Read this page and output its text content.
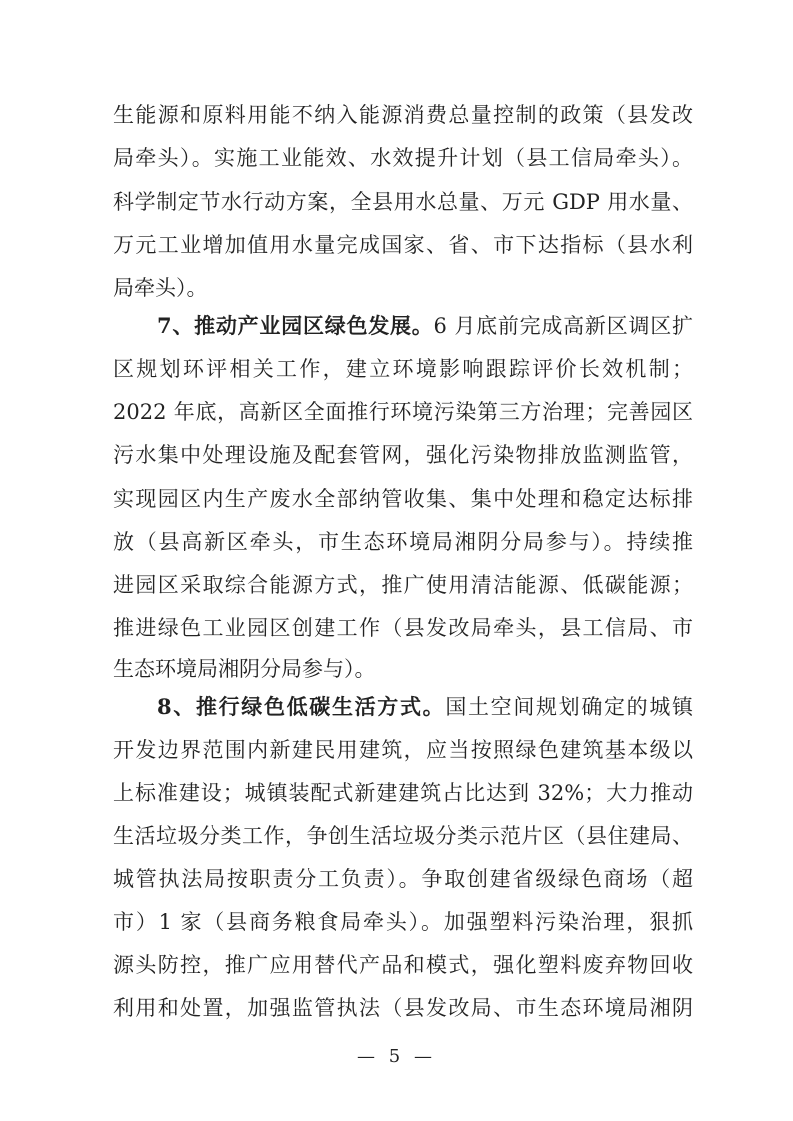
生能源和原料用能不纳入能源消费总量控制的政策（县发改
局牵头）。实施工业能效、水效提升计划（县工信局牵头）。
科学制定节水行动方案，全县用水总量、万元 GDP 用水量、
万元工业增加值用水量完成国家、省、市下达指标（县水利
局牵头）。
7、推动产业园区绿色发展。6 月底前完成高新区调区扩
区规划环评相关工作，建立环境影响跟踪评价长效机制；
2022 年底，高新区全面推行环境污染第三方治理；完善园区
污水集中处理设施及配套管网，强化污染物排放监测监管，
实现园区内生产废水全部纳管收集、集中处理和稳定达标排
放（县高新区牵头，市生态环境局湘阴分局参与）。持续推
进园区采取综合能源方式，推广使用清洁能源、低碳能源；
推进绿色工业园区创建工作（县发改局牵头，县工信局、市
生态环境局湘阴分局参与）。
8、推行绿色低碳生活方式。国土空间规划确定的城镇
开发边界范围内新建民用建筑，应当按照绿色建筑基本级以
上标准建设；城镇装配式新建建筑占比达到 32%；大力推动
生活垃圾分类工作，争创生活垃圾分类示范片区（县住建局、
城管执法局按职责分工负责）。争取创建省级绿色商场（超
市）1 家（县商务粮食局牵头）。加强塑料污染治理，狠抓
源头防控，推广应用替代产品和模式，强化塑料废弃物回收
利用和处置，加强监管执法（县发改局、市生态环境局湘阴
— 5 —
